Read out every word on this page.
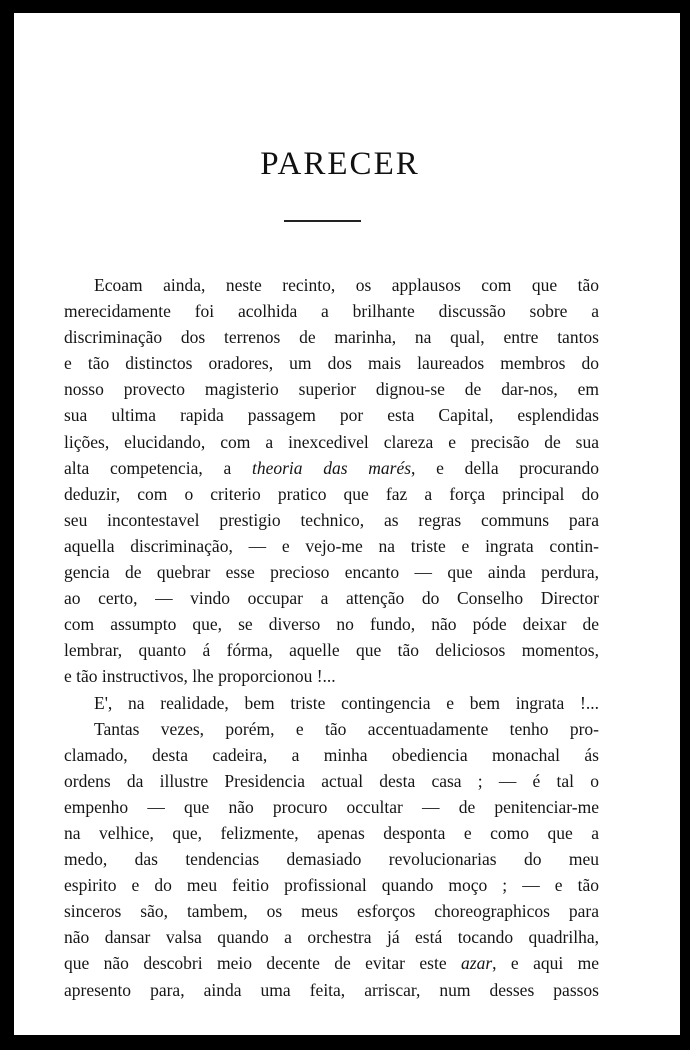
PARECER
Ecoam ainda, neste recinto, os applausos com que tão
merecidamente foi acolhida a brilhante discussão sobre a
discriminação dos terrenos de marinha, na qual, entre tantos
e tão distinctos oradores, um dos mais laureados membros do
nosso provecto magisterio superior dignou-se de dar-nos, em
sua ultima rapida passagem por esta Capital, esplendidas
lições, elucidando, com a inexcedivel clareza e precisão de sua
alta competencia, a theoria das marés, e della procurando
deduzir, com o criterio pratico que faz a força principal do
seu incontestavel prestigio technico, as regras communs para
aquella discriminação, — e vejo-me na triste e ingrata contin-
gencia de quebrar esse precioso encanto — que ainda perdura,
ao certo, — vindo occupar a attenção do Conselho Director
com assumpto que, se diverso no fundo, não póde deixar de
lembrar, quanto á fórma, aquelle que tão deliciosos momentos,
e tão instructivos, lhe proporcionou !...
E', na realidade, bem triste contingencia e bem ingrata !...
Tantas vezes, porém, e tão accentuadamente tenho pro-
clamado, desta cadeira, a minha obediencia monachal ás
ordens da illustre Presidencia actual desta casa ; — é tal o
empenho — que não procuro occultar — de penitenciar-me
na velhice, que, felizmente, apenas desponta e como que a
medo, das tendencias demasiado revolucionarias do meu
espirito e do meu feitio profissional quando moço ; — e tão
sinceros são, tambem, os meus esforços choreographicos para
não dansar valsa quando a orchestra já está tocando quadrilha,
que não descobri meio decente de evitar este azar, e aqui me
apresento para, ainda uma feita, arriscar, num desses passos
